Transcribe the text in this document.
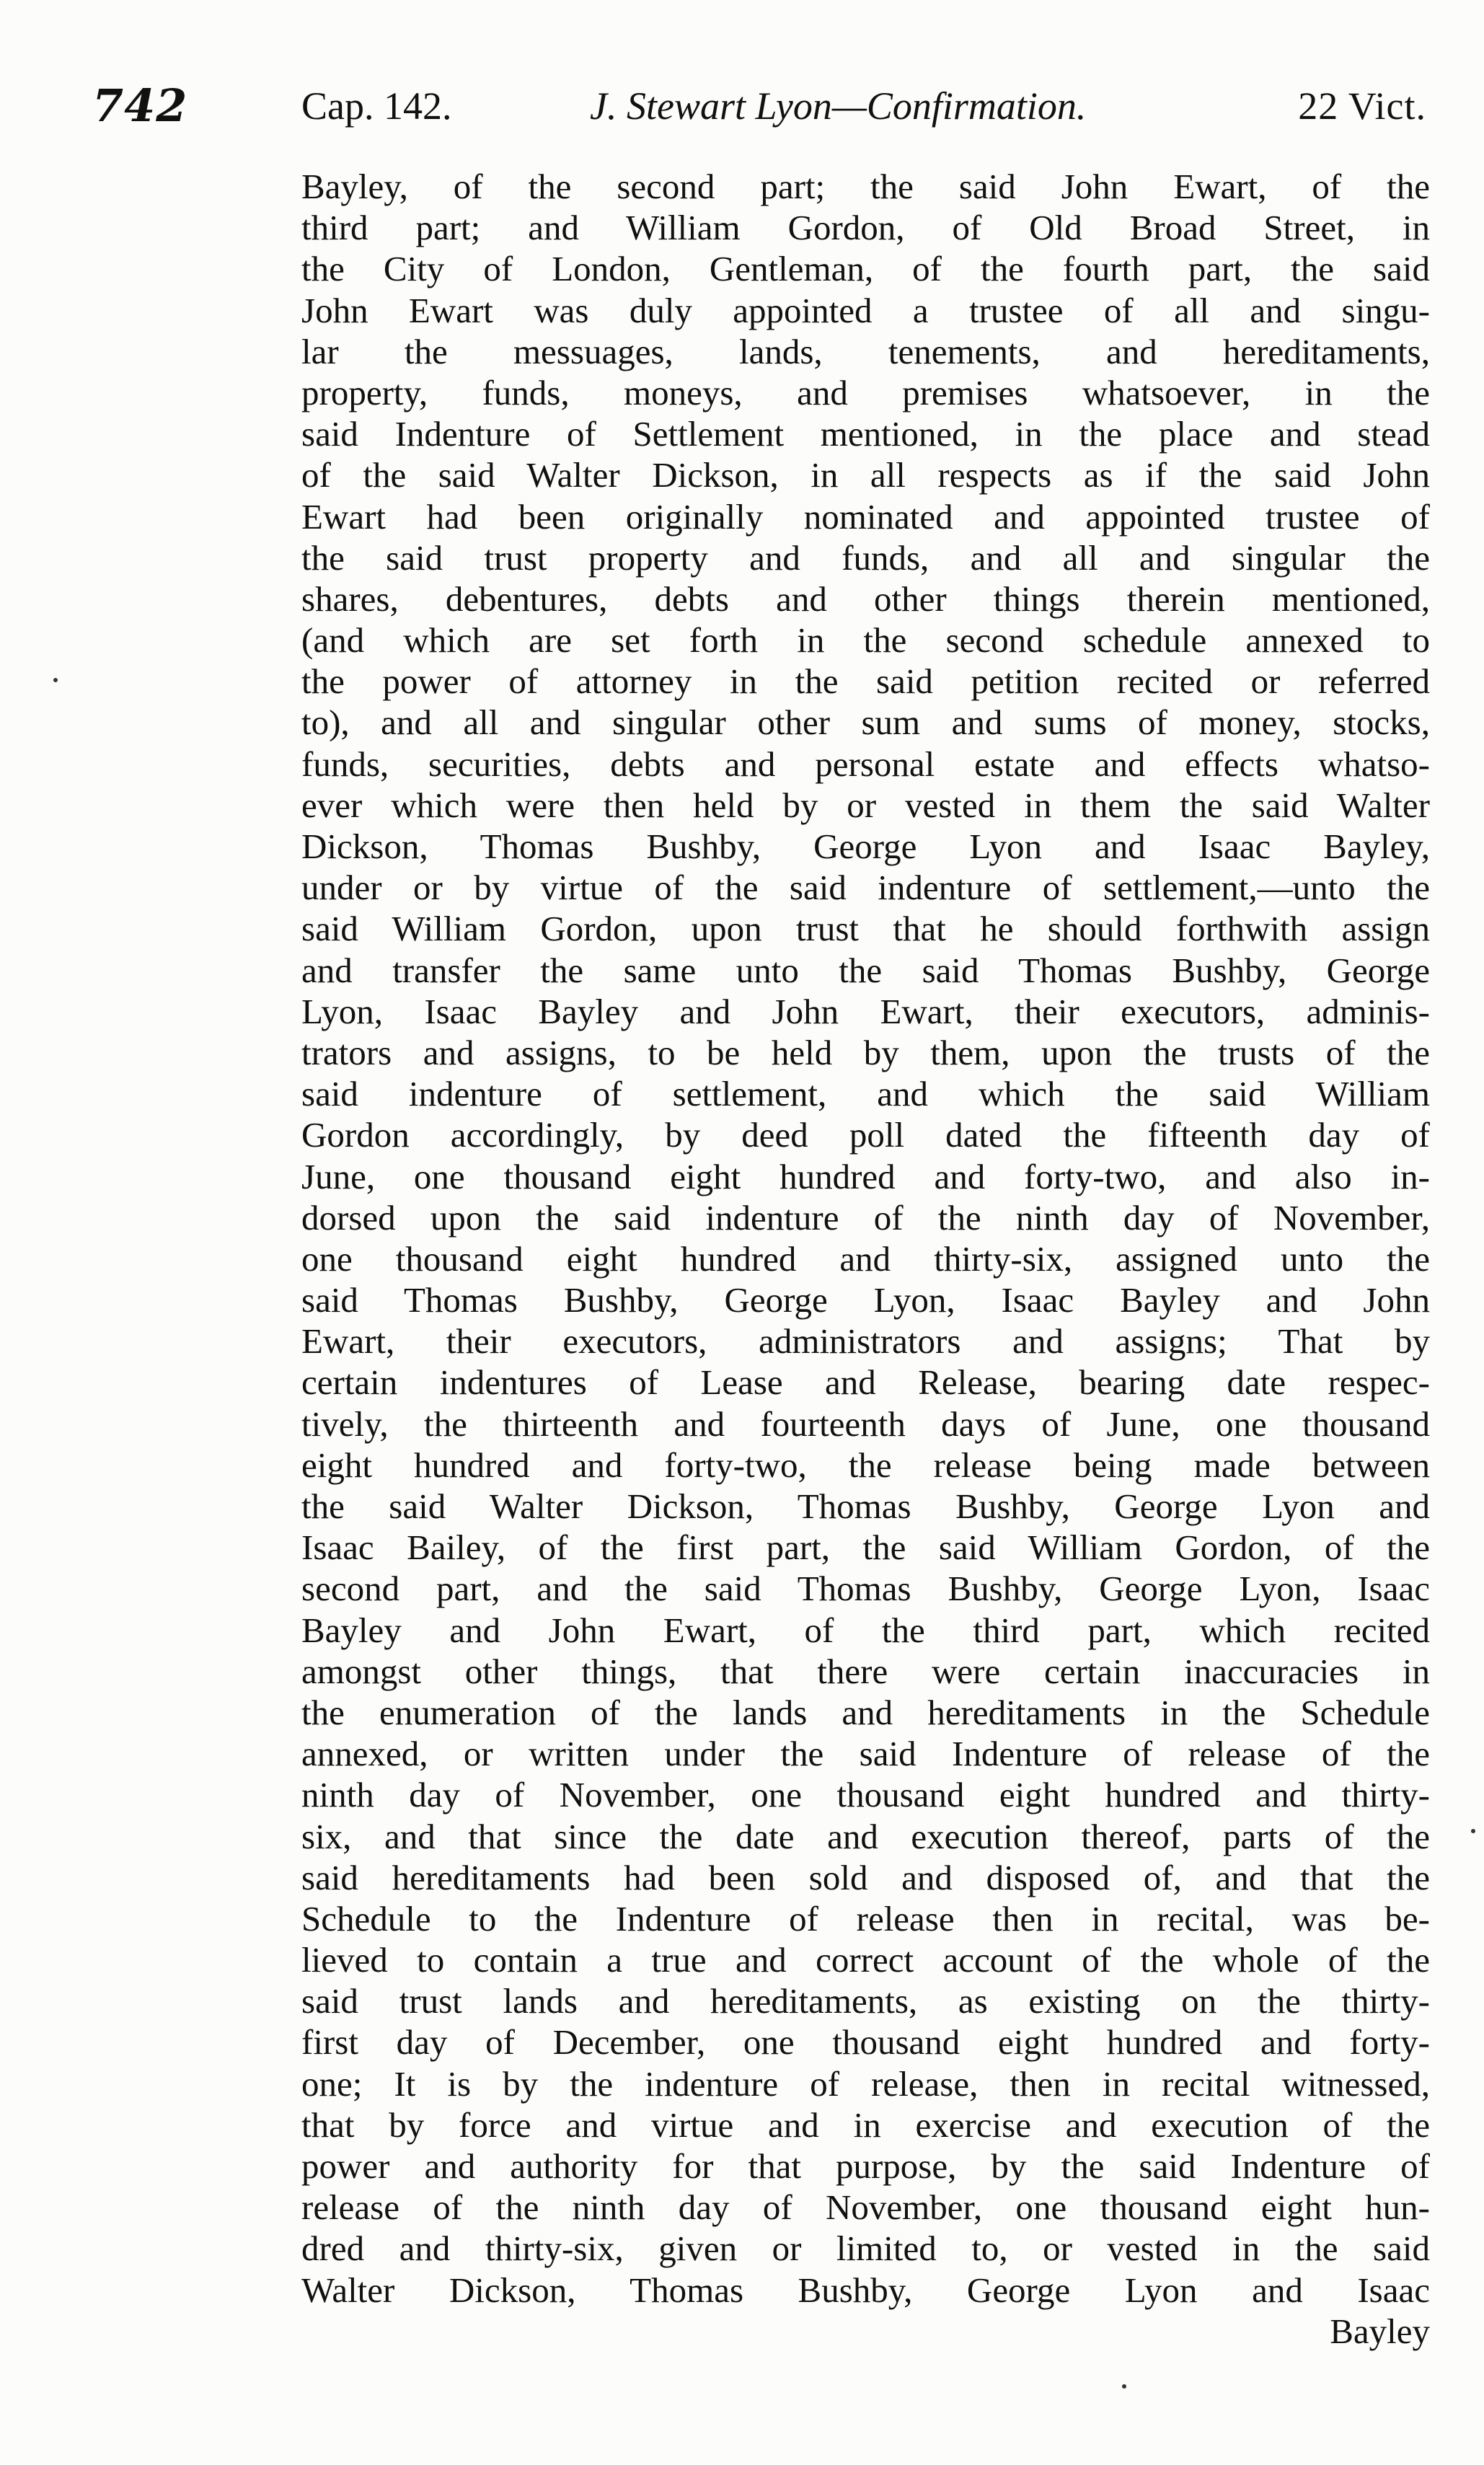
742	Cap. 142.	J. Stewart Lyon—Confirmation.	22 Vict.
Bayley, of the second part; the said John Ewart, of the
third part; and William Gordon, of Old Broad Street, in
the City of London, Gentleman, of the fourth part, the said
John Ewart was duly appointed a trustee of all and singu-
lar the messuages, lands, tenements, and hereditaments,
property, funds, moneys, and premises whatsoever, in the
said Indenture of Settlement mentioned, in the place and stead
of the said Walter Dickson, in all respects as if the said John
Ewart had been originally nominated and appointed trustee of
the said trust property and funds, and all and singular the
shares, debentures, debts and other things therein mentioned,
(and which are set forth in the second schedule annexed to
the power of attorney in the said petition recited or referred
to), and all and singular other sum and sums of money, stocks,
funds, securities, debts and personal estate and effects whatso-
ever which were then held by or vested in them the said Walter
Dickson, Thomas Bushby, George Lyon and Isaac Bayley,
under or by virtue of the said indenture of settlement,—unto the
said William Gordon, upon trust that he should forthwith assign
and transfer the same unto the said Thomas Bushby, George
Lyon, Isaac Bayley and John Ewart, their executors, adminis-
trators and assigns, to be held by them, upon the trusts of the
said indenture of settlement, and which the said William
Gordon accordingly, by deed poll dated the fifteenth day of
June, one thousand eight hundred and forty-two, and also in-
dorsed upon the said indenture of the ninth day of November,
one thousand eight hundred and thirty-six, assigned unto the
said Thomas Bushby, George Lyon, Isaac Bayley and John
Ewart, their executors, administrators and assigns; That by
certain indentures of Lease and Release, bearing date respec-
tively, the thirteenth and fourteenth days of June, one thousand
eight hundred and forty-two, the release being made between
the said Walter Dickson, Thomas Bushby, George Lyon and
Isaac Bailey, of the first part, the said William Gordon, of the
second part, and the said Thomas Bushby, George Lyon, Isaac
Bayley and John Ewart, of the third part, which recited
amongst other things, that there were certain inaccuracies in
the enumeration of the lands and hereditaments in the Schedule
annexed, or written under the said Indenture of release of the
ninth day of November, one thousand eight hundred and thirty-
six, and that since the date and execution thereof, parts of the
said hereditaments had been sold and disposed of, and that the
Schedule to the Indenture of release then in recital, was be-
lieved to contain a true and correct account of the whole of the
said trust lands and hereditaments, as existing on the thirty-
first day of December, one thousand eight hundred and forty-
one; It is by the indenture of release, then in recital witnessed,
that by force and virtue and in exercise and execution of the
power and authority for that purpose, by the said Indenture of
release of the ninth day of November, one thousand eight hun-
dred and thirty-six, given or limited to, or vested in the said
Walter Dickson, Thomas Bushby, George Lyon and Isaac
Bayley
